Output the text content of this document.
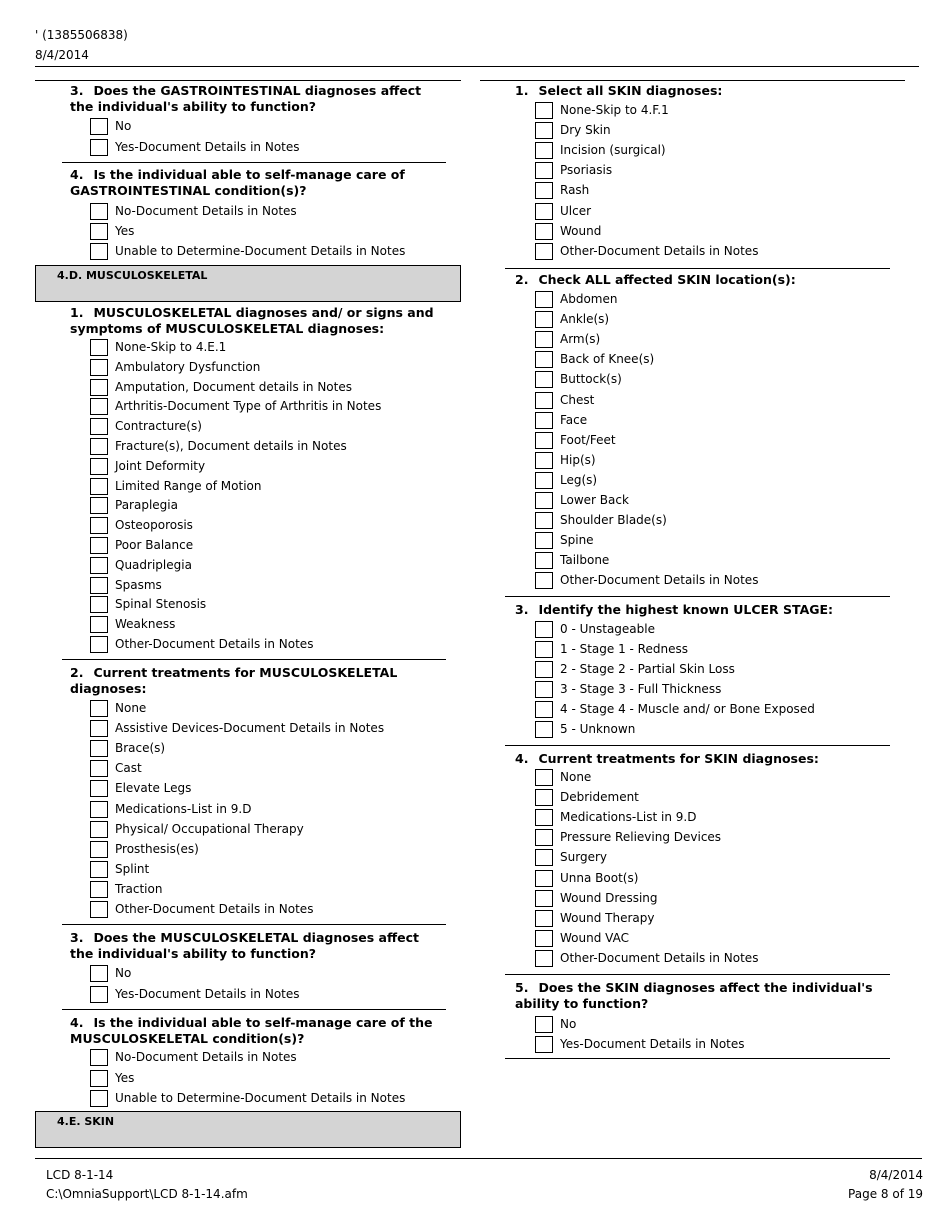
' (1385506838)
8/4/2014
3. Does the GASTROINTESTINAL diagnoses affect the individual's ability to function?
4. Is the individual able to self-manage care of GASTROINTESTINAL condition(s)?
4.D. MUSCULOSKELETAL
1. MUSCULOSKELETAL diagnoses and/ or signs and symptoms of MUSCULOSKELETAL diagnoses:
2. Current treatments for MUSCULOSKELETAL diagnoses:
3. Does the MUSCULOSKELETAL diagnoses affect the individual's ability to function?
4. Is the individual able to self-manage care of the MUSCULOSKELETAL condition(s)?
4.E. SKIN
1. Select all SKIN diagnoses:
2. Check ALL affected SKIN location(s):
3. Identify the highest known ULCER STAGE:
4. Current treatments for SKIN diagnoses:
5. Does the SKIN diagnoses affect the individual's ability to function?
LCD 8-1-14
C:\OmniaSupport\LCD 8-1-14.afm
8/4/2014
Page 8 of 19
No
Yes-Document Details in Notes
No-Document Details in Notes
Yes
Unable to Determine-Document Details in Notes
None-Skip to 4.E.1
Ambulatory Dysfunction
Amputation, Document details in Notes
Arthritis-Document Type of Arthritis in Notes
Contracture(s)
Fracture(s), Document details in Notes
Joint Deformity
Limited Range of Motion
Paraplegia
Osteoporosis
Poor Balance
Quadriplegia
Spasms
Spinal Stenosis
Weakness
Other-Document Details in Notes
None
Assistive Devices-Document Details in Notes
Brace(s)
Cast
Elevate Legs
Medications-List in 9.D
Physical/ Occupational Therapy
Prosthesis(es)
Splint
Traction
Other-Document Details in Notes
No
Yes-Document Details in Notes
No-Document Details in Notes
Yes
Unable to Determine-Document Details in Notes
None-Skip to 4.F.1
Dry Skin
Incision (surgical)
Psoriasis
Rash
Ulcer
Wound
Other-Document Details in Notes
Abdomen
Ankle(s)
Arm(s)
Back of Knee(s)
Buttock(s)
Chest
Face
Foot/Feet
Hip(s)
Leg(s)
Lower Back
Shoulder Blade(s)
Spine
Tailbone
Other-Document Details in Notes
0 - Unstageable
1 - Stage 1 - Redness
2 - Stage 2 - Partial Skin Loss
3 - Stage 3 - Full Thickness
4 - Stage 4 - Muscle and/ or Bone Exposed
5 - Unknown
None
Debridement
Medications-List in 9.D
Pressure Relieving Devices
Surgery
Unna Boot(s)
Wound Dressing
Wound Therapy
Wound VAC
Other-Document Details in Notes
No
Yes-Document Details in Notes
